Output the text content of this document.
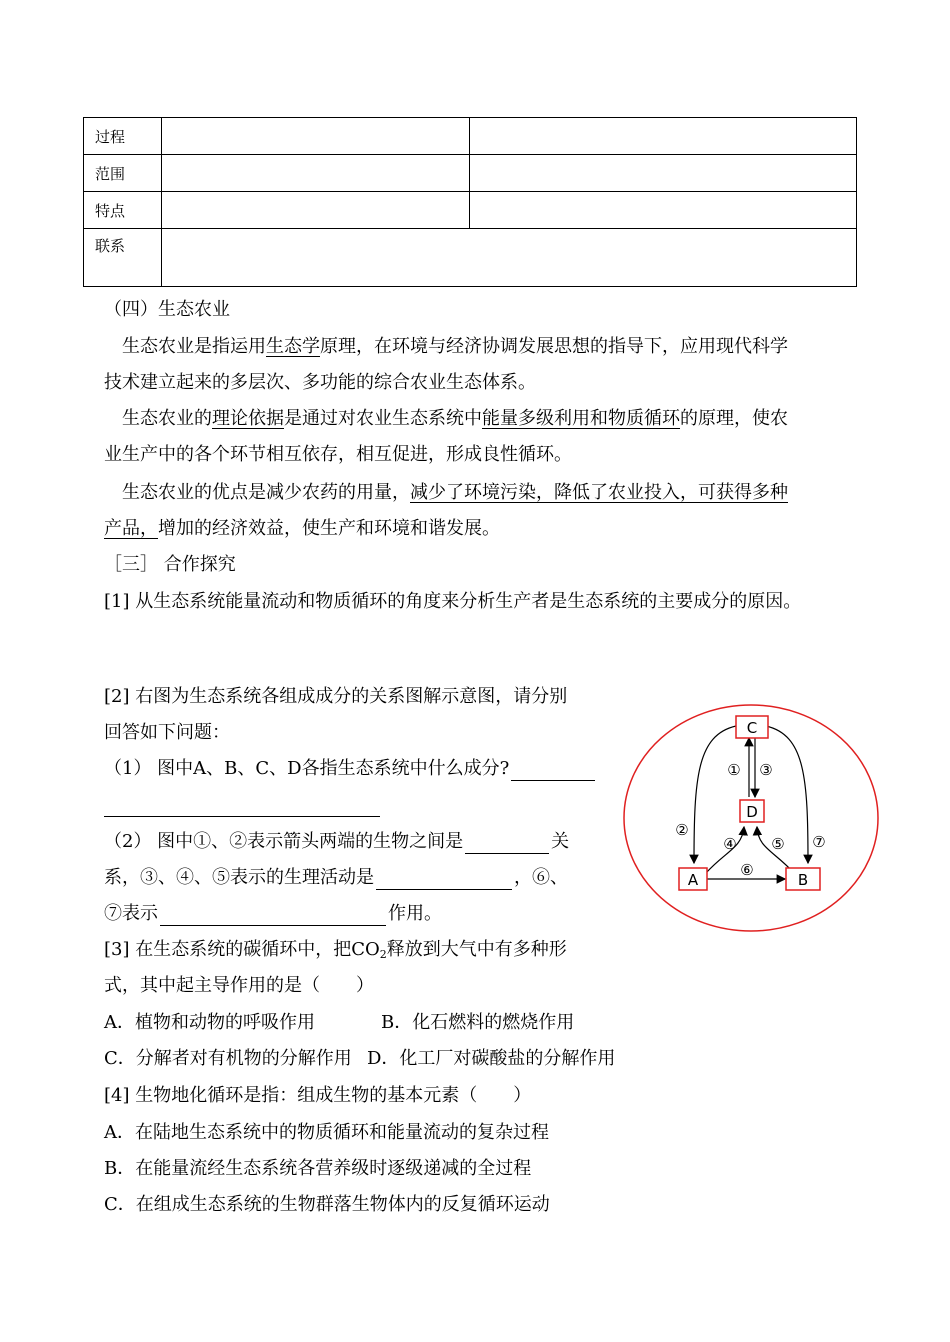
过程		
范围		
特点		
联系		
（四）生态农业
生态农业是指运用生态学原理，在环境与经济协调发展思想的指导下，应用现代科学
技术建立起来的多层次、多功能的综合农业生态体系。
生态农业的理论依据是通过对农业生态系统中能量多级利用和物质循环的原理，使农
业生产中的各个环节相互依存，相互促进，形成良性循环。
生态农业的优点是减少农药的用量，减少了环境污染，降低了农业投入，可获得多种
产品，增加的经济效益，使生产和环境和谐发展。
［三］ 合作探究
[1] 从生态系统能量流动和物质循环的角度来分析生产者是生态系统的主要成分的原因。
[2] 右图为生态系统各组成成分的关系图解示意图，请分别
回答如下问题：
（1） 图中A、B、C、D各指生态系统中什么成分?
（2） 图中①、②表示箭头两端的生物之间是	关
系，③、④、⑤表示的生理活动是	，⑥、
⑦表示	作用。
[3] 在生态系统的碳循环中，把$CO_2$释放到大气中有多种形
式，其中起主导作用的是（　　）
A．植物和动物的呼吸作用	B．化石燃料的燃烧作用
C．分解者对有机物的分解作用 D．化工厂对碳酸盐的分解作用
[4] 生物地化循环是指：组成生物的基本元素（　　）
A．在陆地生态系统中的物质循环和能量流动的复杂过程
B．在能量流经生态系统各营养级时逐级递减的全过程
C．在组成生态系统的生物群落生物体内的反复循环运动
C
D
A	B
① ③
②
⑦
④ ⑤
⑥
